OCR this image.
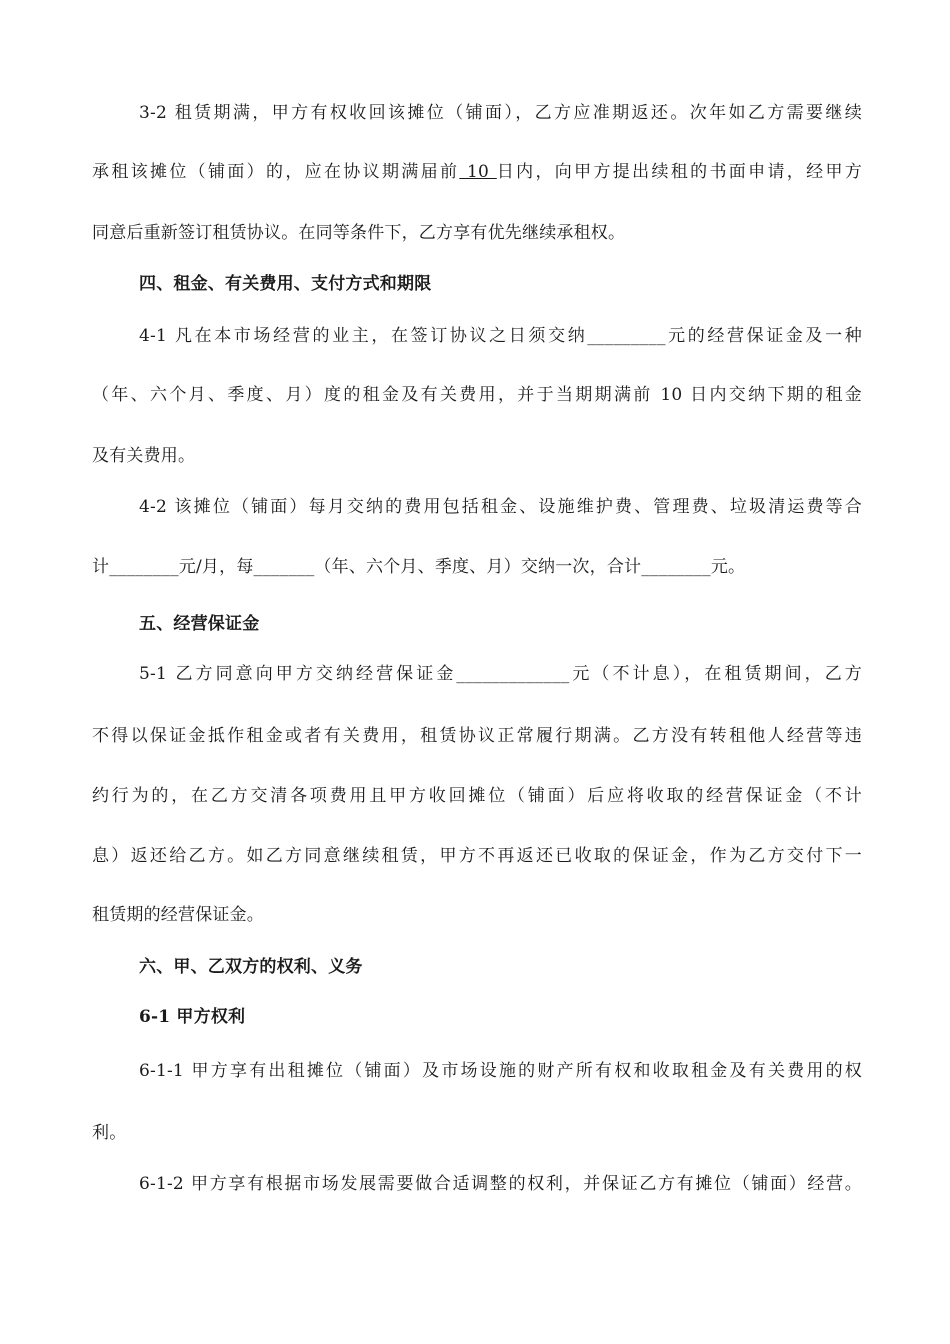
3-2 租赁期满，甲方有权收回该摊位（铺面），乙方应准期返还。次年如乙方需要继续
承租该摊位（铺面）的，应在协议期满届前 10 日内，向甲方提出续租的书面申请，经甲方
同意后重新签订租赁协议。在同等条件下，乙方享有优先继续承租权。
四、租金、有关费用、支付方式和期限
4-1 凡在本市场经营的业主，在签订协议之日须交纳_________元的经营保证金及一种
（年、六个月、季度、月）度的租金及有关费用，并于当期期满前 10 日内交纳下期的租金
及有关费用。
4-2 该摊位（铺面）每月交纳的费用包括租金、设施维护费、管理费、垃圾清运费等合
计________元/月，每_______（年、六个月、季度、月）交纳一次，合计________元。
五、经营保证金
5-1 乙方同意向甲方交纳经营保证金_____________元（不计息），在租赁期间，乙方
不得以保证金抵作租金或者有关费用，租赁协议正常履行期满。乙方没有转租他人经营等违
约行为的，在乙方交清各项费用且甲方收回摊位（铺面）后应将收取的经营保证金（不计
息）返还给乙方。如乙方同意继续租赁，甲方不再返还已收取的保证金，作为乙方交付下一
租赁期的经营保证金。
六、甲、乙双方的权利、义务
6-1 甲方权利
6-1-1 甲方享有出租摊位（铺面）及市场设施的财产所有权和收取租金及有关费用的权
利。
6-1-2 甲方享有根据市场发展需要做合适调整的权利，并保证乙方有摊位（铺面）经营。
